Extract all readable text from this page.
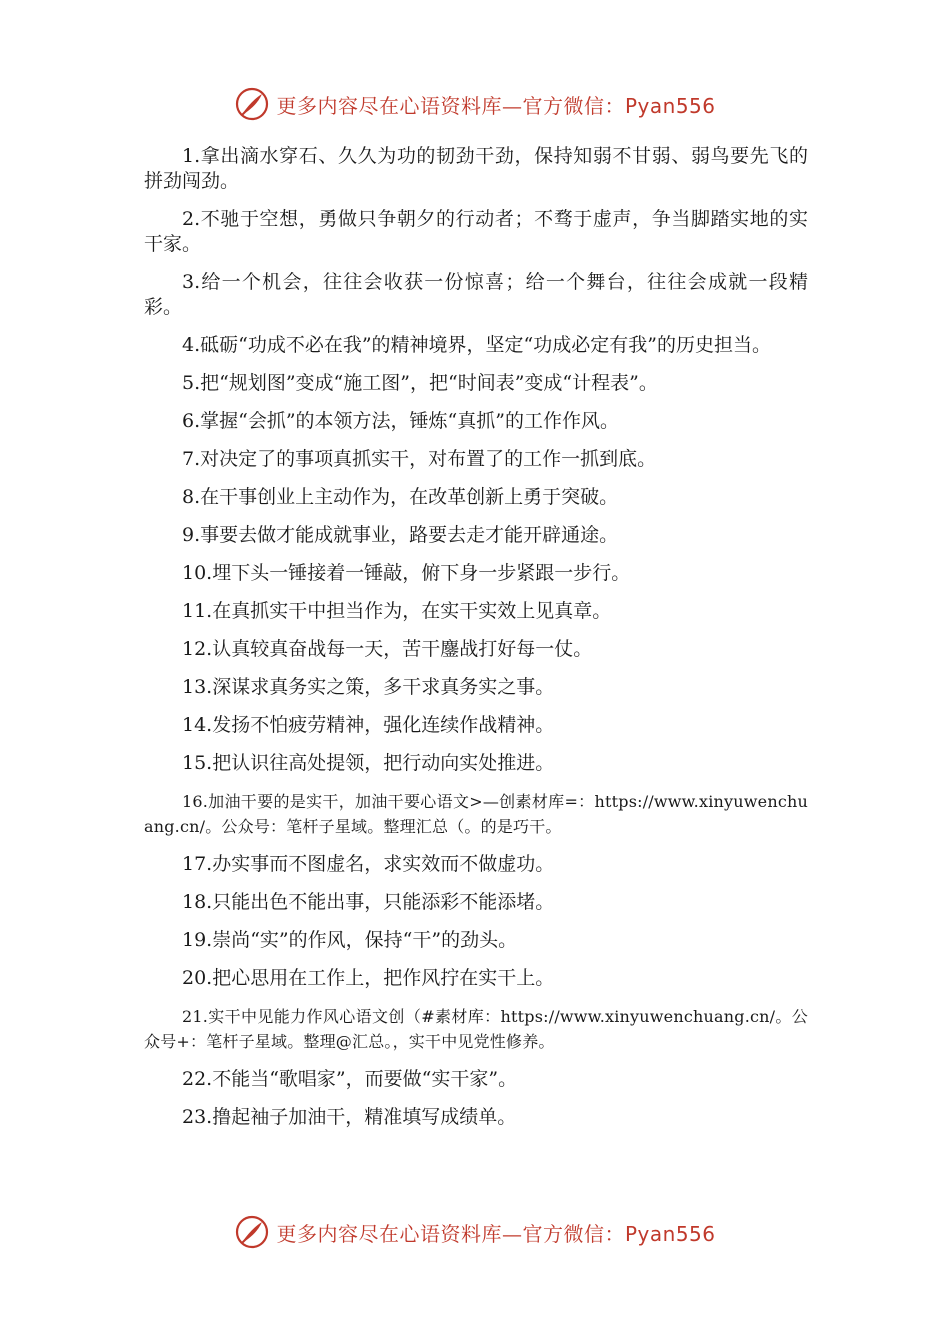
更多内容尽在心语资料库—官方微信：Pyan556

1.拿出滴水穿石、久久为功的韧劲干劲，保持知弱不甘弱、弱鸟要先飞的拼劲闯劲。

2.不驰于空想，勇做只争朝夕的行动者；不骛于虚声，争当脚踏实地的实干家。

3.给一个机会，往往会收获一份惊喜；给一个舞台，往往会成就一段精彩。

4.砥砺“功成不必在我”的精神境界，坚定“功成必定有我”的历史担当。

5.把“规划图”变成“施工图”，把“时间表”变成“计程表”。

6.掌握“会抓”的本领方法，锤炼“真抓”的工作作风。

7.对决定了的事项真抓实干，对布置了的工作一抓到底。

8.在干事创业上主动作为，在改革创新上勇于突破。

9.事要去做才能成就事业，路要去走才能开辟通途。

10.埋下头一锤接着一锤敲，俯下身一步紧跟一步行。

11.在真抓实干中担当作为，在实干实效上见真章。

12.认真较真奋战每一天，苦干鏖战打好每一仗。

13.深谋求真务实之策，多干求真务实之事。

14.发扬不怕疲劳精神，强化连续作战精神。

15.把认识往高处提领，把行动向实处推进。

16.加油干要的是实干，加油干要心语文>—创素材库=：https://www.xinyuwenchuang.cn/。公众号：笔杆子星域。整理汇总（。的是巧干。

17.办实事而不图虚名，求实效而不做虚功。

18.只能出色不能出事，只能添彩不能添堵。

19.崇尚“实”的作风，保持“干”的劲头。

20.把心思用在工作上，把作风拧在实干上。

21.实干中见能力作风心语文创（#素材库：https://www.xinyuwenchuang.cn/。公众号+：笔杆子星域。整理@汇总。，实干中见党性修养。

22.不能当“歌唱家”，而要做“实干家”。

23.撸起袖子加油干，精准填写成绩单。

更多内容尽在心语资料库—官方微信：Pyan556
